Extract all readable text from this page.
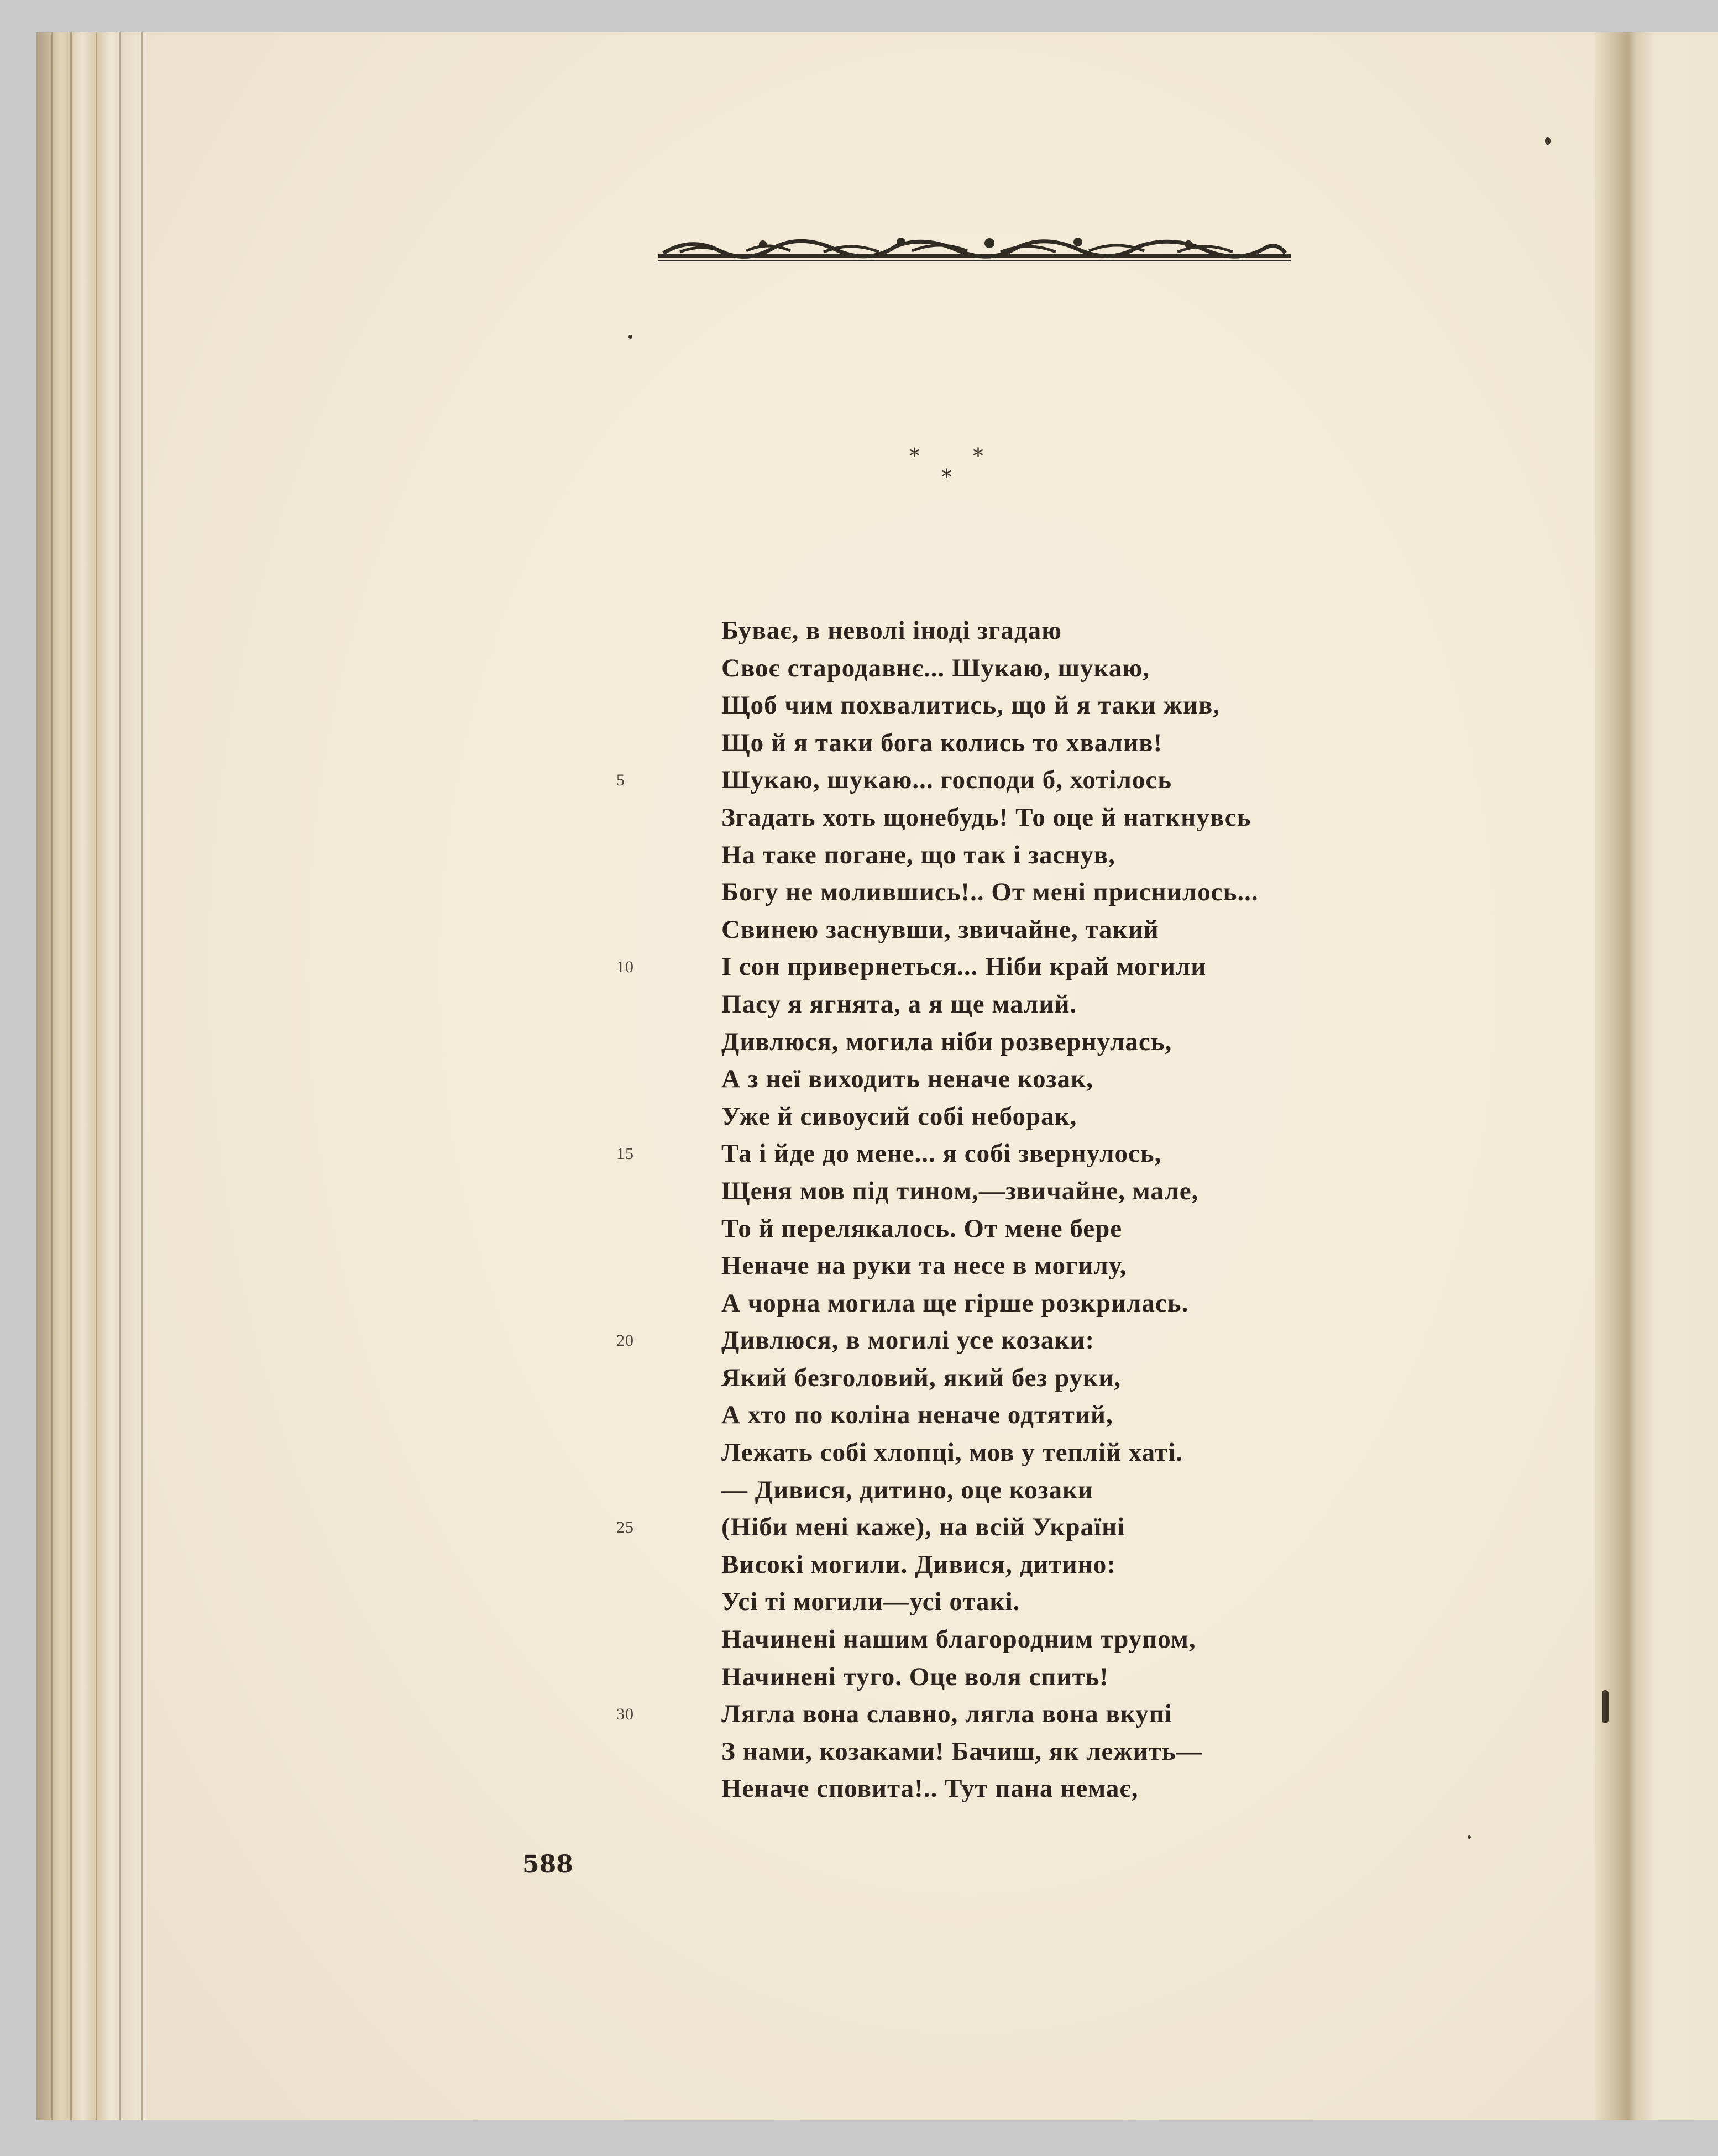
*	*
*
Буває, в неволі іноді згадаю
Своє стародавнє... Шукаю, шукаю,
Щоб чим похвалитись, що й я таки жив,
Що й я таки бога колись то хвалив!
5	Шукаю, шукаю... господи б, хотілось
Згадать хоть щонебудь! То оце й наткнувсь
На таке погане, що так і заснув,
Богу не молившись!.. От мені приснилось...
Свинею заснувши, звичайне, такий
10	І сон привернеться... Ніби край могили
Пасу я ягнята, а я ще малий.
Дивлюся, могила ніби розвернулась,
А з неї виходить неначе козак,
Уже й сивоусий собі неборак,
15	Та і йде до мене... я собі звернулось,
Щеня мов під тином,—звичайне, мале,
То й перелякалось. От мене бере
Неначе на руки та несе в могилу,
А чорна могила ще гірше розкрилась.
20	Дивлюся, в могилі усе козаки:
Який безголовий, який без руки,
А хто по коліна неначе одтятий,
Лежать собі хлопці, мов у теплій хаті.
— Дивися, дитино, оце козаки
25	(Ніби мені каже), на всій Україні
Високі могили. Дивися, дитино:
Усі ті могили—усі отакі.
Начинені нашим благородним трупом,
Начинені туго. Оце воля спить!
30	Лягла вона славно, лягла вона вкупі
З нами, козаками! Бачиш, як лежить—
Неначе сповита!.. Тут пана немає,
588
